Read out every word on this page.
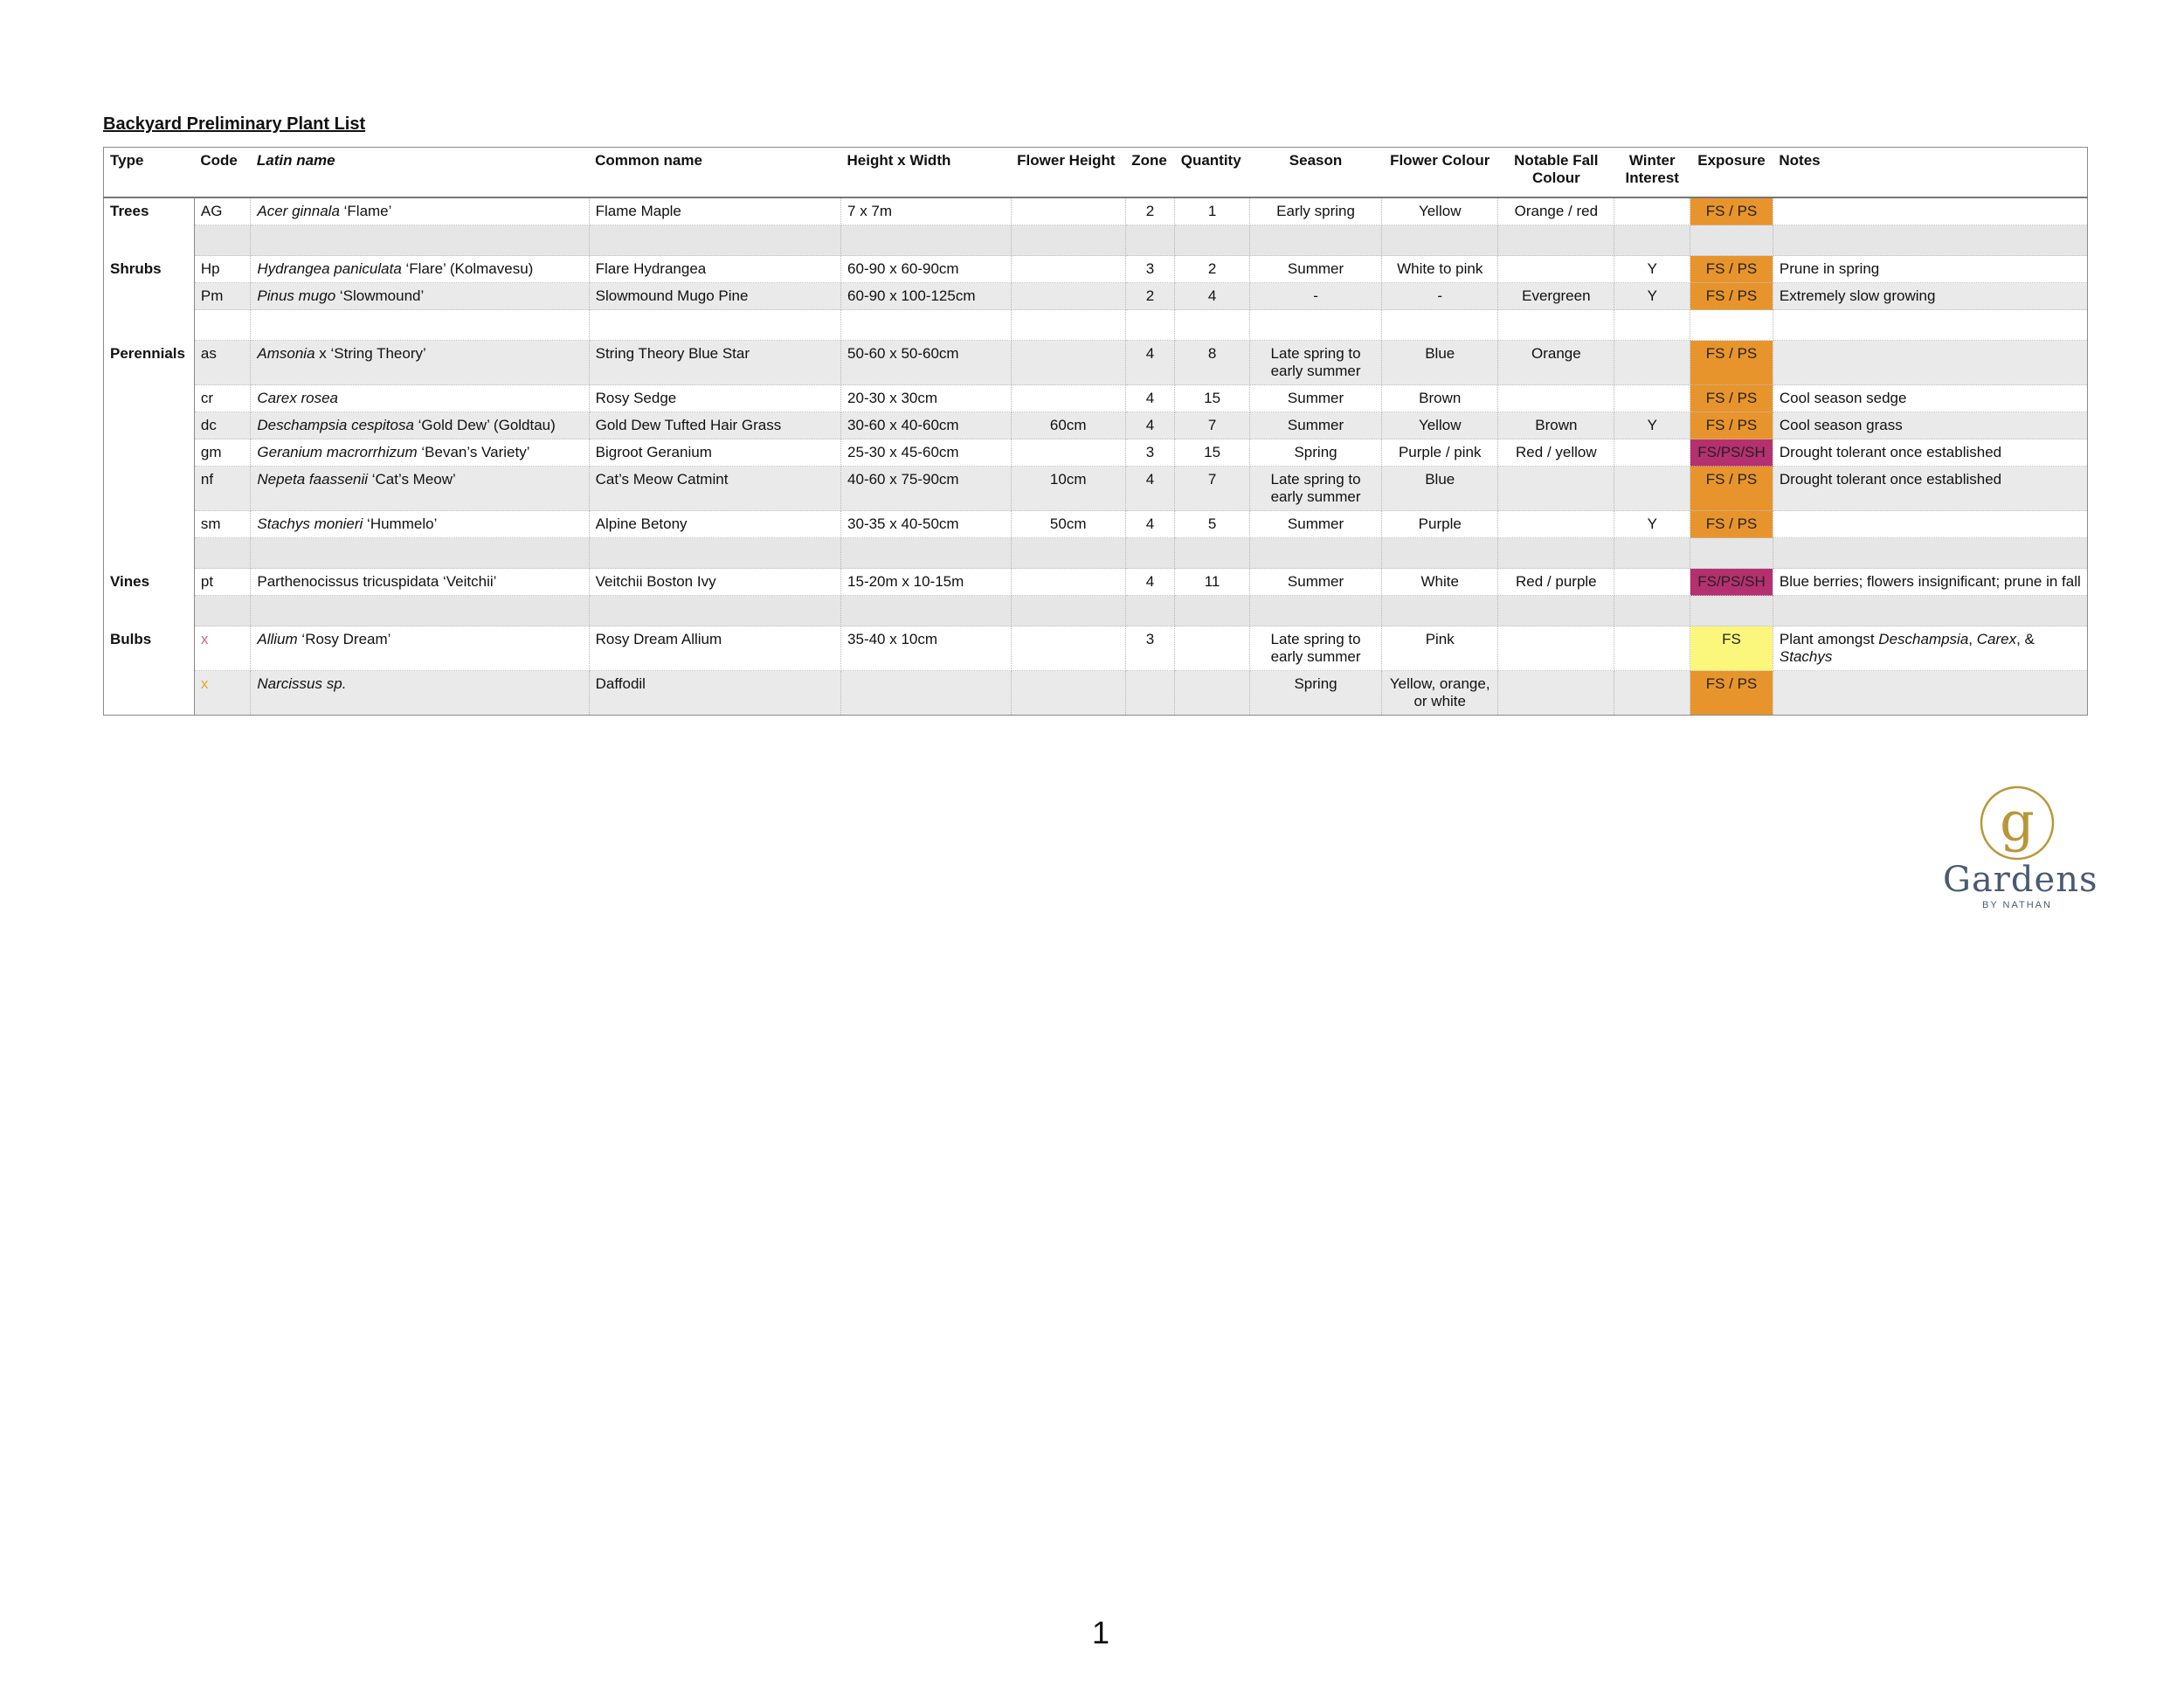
Backyard Preliminary Plant List
Type	Code	Latin name	Common name	Height x Width	Flower Height	Zone	Quantity	Season	Flower Colour	Notable Fall Colour	Winter Interest	Exposure	Notes
Trees	AG	Acer ginnala ‘Flame’	Flame Maple	7 x 7m		2	1	Early spring	Yellow	Orange / red		FS / PS	

Shrubs	Hp	Hydrangea paniculata ‘Flare’ (Kolmavesu)	Flare Hydrangea	60-90 x 60-90cm		3	2	Summer	White to pink		Y	FS / PS	Prune in spring
	Pm	Pinus mugo ‘Slowmound’	Slowmound Mugo Pine	60-90 x 100-125cm		2	4	-	-	Evergreen	Y	FS / PS	Extremely slow growing

Perennials	as	Amsonia x ‘String Theory’	String Theory Blue Star	50-60 x 50-60cm		4	8	Late spring to early summer	Blue	Orange		FS / PS	
	cr	Carex rosea	Rosy Sedge	20-30 x 30cm		4	15	Summer	Brown			FS / PS	Cool season sedge
	dc	Deschampsia cespitosa ‘Gold Dew’ (Goldtau)	Gold Dew Tufted Hair Grass	30-60 x 40-60cm	60cm	4	7	Summer	Yellow	Brown	Y	FS / PS	Cool season grass
	gm	Geranium macrorrhizum ‘Bevan’s Variety’	Bigroot Geranium	25-30 x 45-60cm		3	15	Spring	Purple / pink	Red / yellow		FS/PS/SH	Drought tolerant once established
	nf	Nepeta faassenii ‘Cat’s Meow’	Cat’s Meow Catmint	40-60 x 75-90cm	10cm	4	7	Late spring to early summer	Blue			FS / PS	Drought tolerant once established
	sm	Stachys monieri ‘Hummelo’	Alpine Betony	30-35 x 40-50cm	50cm	4	5	Summer	Purple		Y	FS / PS	

Vines	pt	Parthenocissus tricuspidata ‘Veitchii’	Veitchii Boston Ivy	15-20m x 10-15m		4	11	Summer	White	Red / purple		FS/PS/SH	Blue berries; flowers insignificant; prune in fall

Bulbs	x	Allium ‘Rosy Dream’	Rosy Dream Allium	35-40 x 10cm		3		Late spring to early summer	Pink			FS	Plant amongst Deschampsia, Carex, & Stachys
	x	Narcissus sp.	Daffodil					Spring	Yellow, orange, or white			FS / PS	
g
Gardens
BY NATHAN
1
